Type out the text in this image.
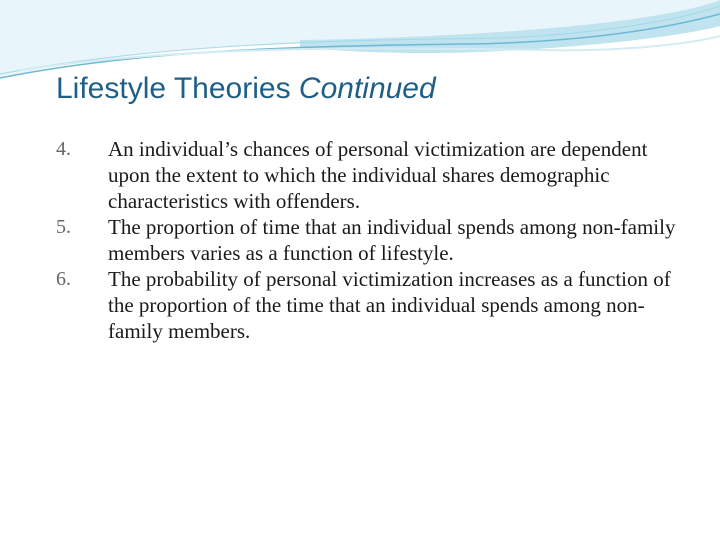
Lifestyle Theories Continued
4.	An individual’s chances of personal victimization are dependent upon the extent to which the individual shares demographic characteristics with offenders.
5.	The proportion of time that an individual spends among non-family members varies as a function of lifestyle.
6.	The probability of personal victimization increases as a function of the proportion of the time that an individual spends among non-family members.
